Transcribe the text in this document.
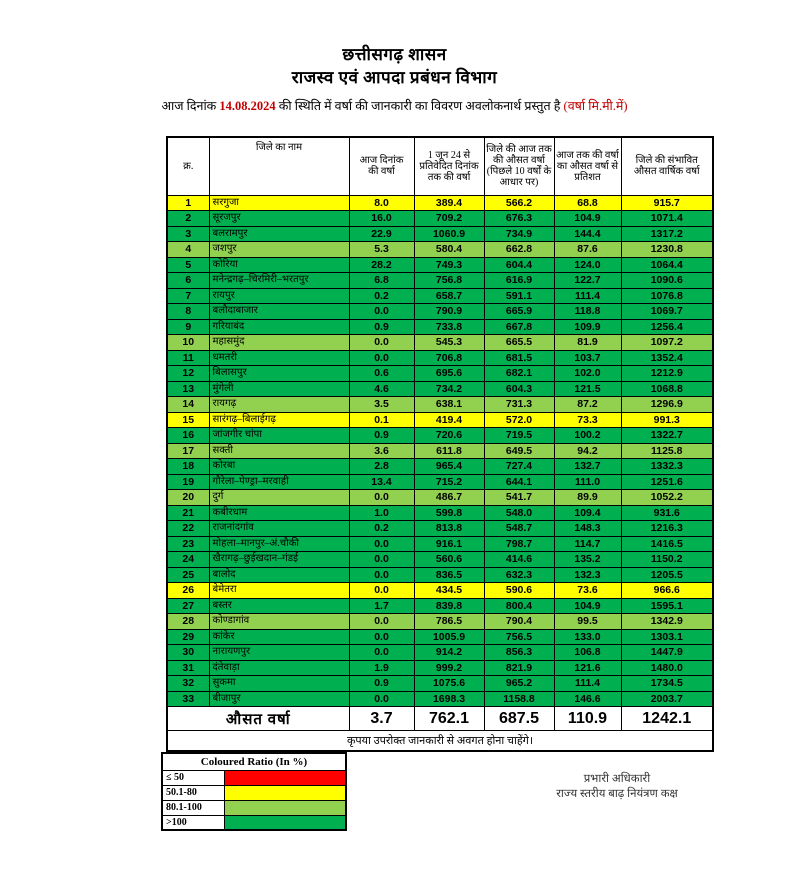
छत्तीसगढ़ शासन
राजस्व एवं आपदा प्रबंधन विभाग
आज दिनांक 14.08.2024 की स्थिति में वर्षा की जानकारी का विवरण अवलोकनार्थ प्रस्तुत है (वर्षा मि.मी.में)
क्र.

जिले का नाम

आज दिनांक
की वर्षा

1 जून 24 से
प्रतिवेदित दिनांक
तक की वर्षा

जिले की आज तक
की औसत वर्षा
(पिछले 10 वर्षों के
आधार पर)

आज तक की वर्षा
का औसत वर्षा से
प्रतिशत

जिले की संभावित
औसत वार्षिक वर्षा

1	सरगुजा	8.0	389.4	566.2	68.8	915.7
2	सूरजपुर	16.0	709.2	676.3	104.9	1071.4
3	बलरामपुर	22.9	1060.9	734.9	144.4	1317.2
4	जशपुर	5.3	580.4	662.8	87.6	1230.8
5	कोरिया	28.2	749.3	604.4	124.0	1064.4
6	मनेन्द्रगढ़–चिरमिरी–भरतपुर	6.8	756.8	616.9	122.7	1090.6
7	रायपुर	0.2	658.7	591.1	111.4	1076.8
8	बलौदाबाजार	0.0	790.9	665.9	118.8	1069.7
9	गरियाबंद	0.9	733.8	667.8	109.9	1256.4
10	महासमुंद	0.0	545.3	665.5	81.9	1097.2
11	धमतरी	0.0	706.8	681.5	103.7	1352.4
12	बिलासपुर	0.6	695.6	682.1	102.0	1212.9
13	मुंगेली	4.6	734.2	604.3	121.5	1068.8
14	रायगढ़	3.5	638.1	731.3	87.2	1296.9
15	सारंगढ़–बिलाईगढ़	0.1	419.4	572.0	73.3	991.3
16	जांजगीर चांपा	0.9	720.6	719.5	100.2	1322.7
17	सक्ती	3.6	611.8	649.5	94.2	1125.8
18	कोरबा	2.8	965.4	727.4	132.7	1332.3
19	गौरेला–पेण्ड्रा–मरवाही	13.4	715.2	644.1	111.0	1251.6
20	दुर्ग	0.0	486.7	541.7	89.9	1052.2
21	कबीरधाम	1.0	599.8	548.0	109.4	931.6
22	राजनांदगांव	0.2	813.8	548.7	148.3	1216.3
23	मोहला–मानपुर–अं.चौकी	0.0	916.1	798.7	114.7	1416.5
24	खैरागढ़–छुईखदान–गंडई	0.0	560.6	414.6	135.2	1150.2
25	बालोद	0.0	836.5	632.3	132.3	1205.5
26	बेमेतरा	0.0	434.5	590.6	73.6	966.6
27	बस्तर	1.7	839.8	800.4	104.9	1595.1
28	कोण्डागांव	0.0	786.5	790.4	99.5	1342.9
29	कांकेर	0.0	1005.9	756.5	133.0	1303.1
30	नारायणपुर	0.0	914.2	856.3	106.8	1447.9
31	दंतेवाड़ा	1.9	999.2	821.9	121.6	1480.0
32	सुकमा	0.9	1075.6	965.2	111.4	1734.5
33	बीजापुर	0.0	1698.3	1158.8	146.6	2003.7
औसत वर्षा		3.7	762.1	687.5	110.9	1242.1
कृपया उपरोक्त जानकारी से अवगत होना चाहेंगे।						
Coloured Ratio (In %)	
≤ 50	
50.1-80	
80.1-100	
>100	
प्रभारी अधिकारी
राज्य स्तरीय बाढ़ नियंत्रण कक्ष
